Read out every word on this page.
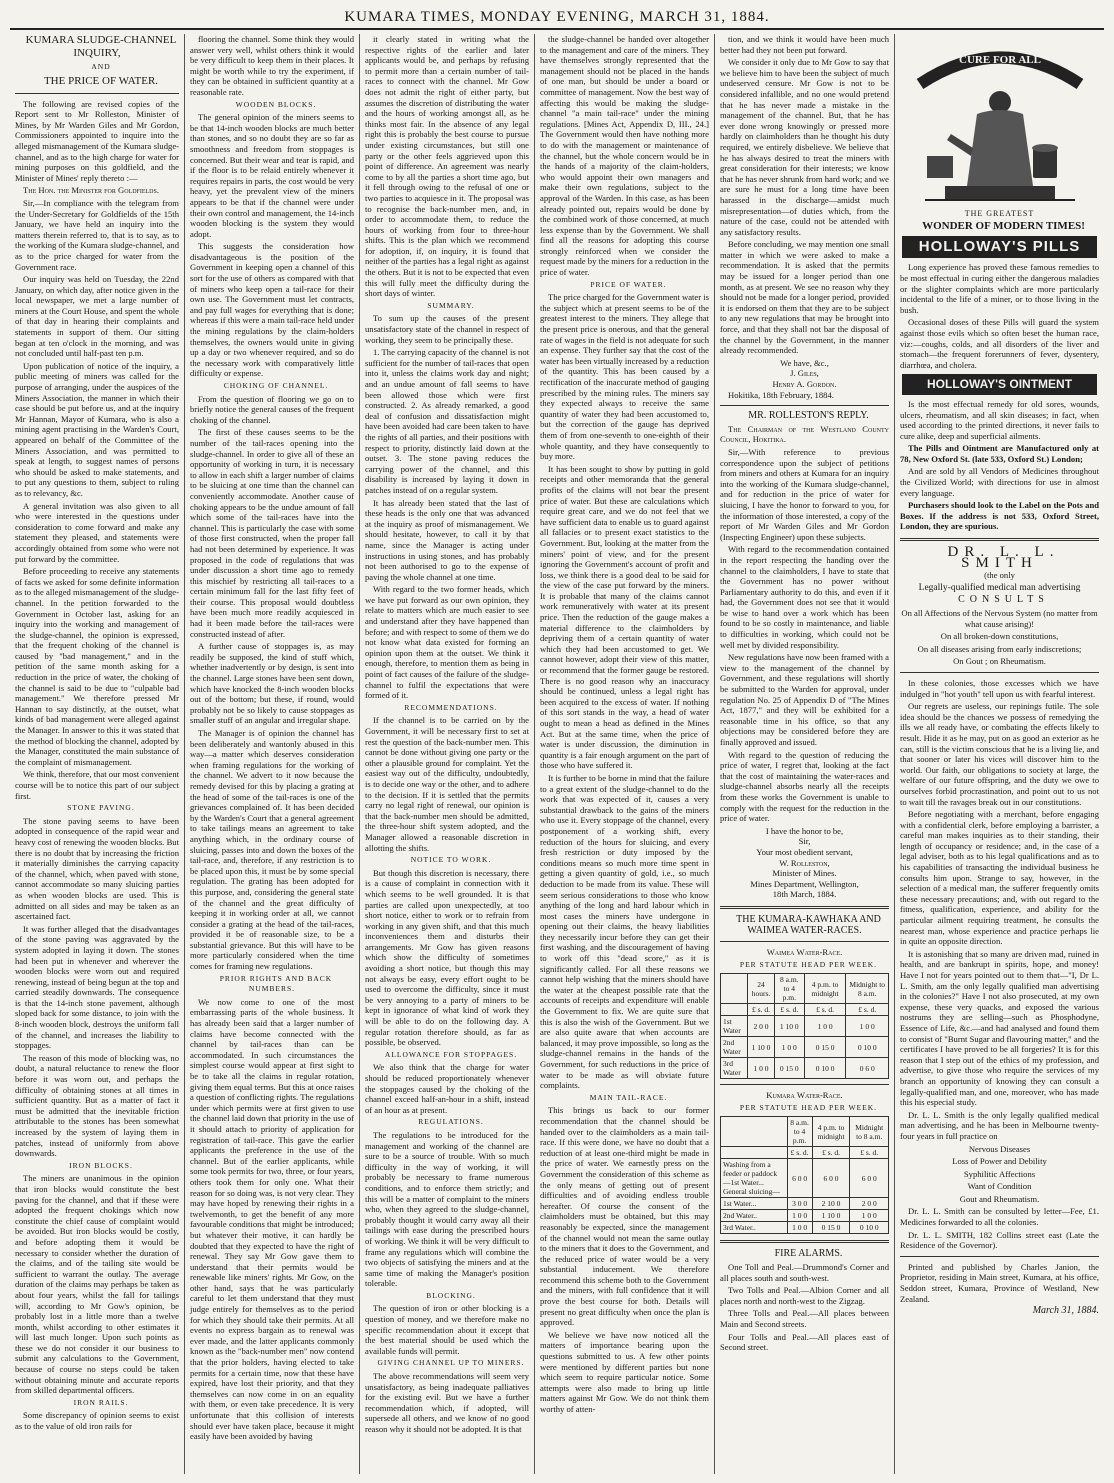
KUMARA TIMES, MONDAY EVENING, MARCH 31, 1884.

KUMARA SLUDGE-CHANNEL INQUIRY,

AND

THE PRICE OF WATER.

The following are revised copies of the Report sent to Mr Rolleston, Minister of Mines, by Mr Warden Giles and Mr Gordon, Commissioners appointed to inquire into the alleged mismanagement of the Kumara sludge-channel, and as to the high charge for water for mining purposes on this goldfield, and the Minister of Mines' reply thereto :—

The Hon. the Minister for Goldfields.

Sir,—In compliance with the telegram from the Under-Secretary for Goldfields of the 15th January, we have held an inquiry into the matters therein referred to, that is to say, as to the working of the Kumara sludge-channel, and as to the price charged for water from the Government race.

Our inquiry was held on Tuesday, the 22nd January, on which day, after notice given in the local newspaper, we met a large number of miners at the Court House, and spent the whole of that day in hearing their complaints and statements in support of them. Our sitting began at ten o'clock in the morning, and was not concluded until half-past ten p.m.

Upon publication of notice of the inquiry, a public meeting of miners was called for the purpose of arranging, under the auspices of the Miners Association, the manner in which their case should be put before us, and at the inquiry Mr Hannan, Mayor of Kumara, who is also a mining agent practising in the Warden's Court, appeared on behalf of the Committee of the Miners Association, and was permitted to speak at length, to suggest names of persons who should be asked to make statements, and to put any questions to them, subject to ruling as to relevancy, &c.

A general invitation was also given to all who were interested in the questions under consideration to come forward and make any statement they pleased, and statements were accordingly obtained from some who were not put forward by the committee.

Before proceeding to receive any statements of facts we asked for some definite information as to the alleged mismanagement of the sludge-channel. In the petition forwarded to the Government in October last, asking for an inquiry into the working and management of the sludge-channel, the opinion is expressed, that the frequent choking of the channel is caused by "bad management," and in the petition of the same month asking for a reduction in the price of water, the choking of the channel is said to be due to "culpable bad management." We therefore pressed Mr Hannan to say distinctly, at the outset, what kinds of bad management were alleged against the Manager. In answer to this it was stated that the method of blocking the channel, adopted by the Manager, constituted the main substance of the complaint of mismanagement.

We think, therefore, that our most convenient course will be to notice this part of our subject first.

STONE PAVING.

The stone paving seems to have been adopted in consequence of the rapid wear and heavy cost of renewing the wooden blocks. But there is no doubt that by increasing the friction it materially diminishes the carrying capacity of the channel, which, when paved with stone, cannot accommodate so many sluicing parties as when wooden blocks are used. This is admitted on all sides and may be taken as an ascertained fact.

It was further alleged that the disadvantages of the stone paving was aggravated by the system adopted in laying it down. The stones had been put in whenever and wherever the wooden blocks were worn out and required renewing, instead of being begun at the top and carried steadily downwards. The consequence is that the 14-inch stone pavement, although sloped back for some distance, to join with the 8-inch wooden block, destroys the uniform fall of the channel, and increases the liability to stoppages.

The reason of this mode of blocking was, no doubt, a natural reluctance to renew the floor before it was worn out, and perhaps the difficulty of obtaining stones at all times in sufficient quantity. But as a matter of fact it must be admitted that the inevitable friction attributable to the stones has been somewhat increased by the system of laying them in patches, instead of uniformly from above downwards.

IRON BLOCKS.

The miners are unanimous in the opinion that iron blocks would constitute the best paving for the channel, and that if these were adopted the frequent chokings which now constitute the chief cause of complaint would be avoided. But iron blocks would be costly, and before adopting them it would be necessary to consider whether the duration of the claims, and of the tailing site would be sufficient to warrant the outlay. The average duration of the claims may perhaps be taken as about four years, whilst the fall for tailings will, according to Mr Gow's opinion, be probably lost in a little more than a twelve month, whilst according to other estimates it will last much longer. Upon such points as these we do not consider it our business to submit any calculations to the Government, because of course no steps could be taken without obtaining minute and accurate reports from skilled departmental officers.

IRON RAILS.

Some discrepancy of opinion seems to exist as to the value of old iron rails for

flooring the channel. Some think they would answer very well, whilst others think it would be very difficult to keep them in their places. It might be worth while to try the experiment, if they can be obtained in sufficient quantity at a reasonable rate.

WOODEN BLOCKS.

The general opinion of the miners seems to be that 14-inch wooden blocks are much better than stones, and so no doubt they are so far as smoothness and freedom from stoppages is concerned. But their wear and tear is rapid, and if the floor is to be relaid entirely whenever it requires repairs in parts, the cost would be very heavy, yet the prevalent view of the miners appears to be that if the channel were under their own control and management, the 14-inch wooden blocking is the system they would adopt.

This suggests the consideration how disadvantageous is the position of the Government in keeping open a channel of this sort for the use of others as compared with that of miners who keep open a tail-race for their own use. The Government must let contracts, and pay full wages for everything that is done; whereas if this were a main tail-race held under the mining regulations by the claim-holders themselves, the owners would unite in giving up a day or two whenever required, and so do the necessary work with comparatively little difficulty or expense.

CHOKING OF CHANNEL.

From the question of flooring we go on to briefly notice the general causes of the frequent choking of the channel.

The first of these causes seems to be the number of the tail-races opening into the sludge-channel. In order to give all of these an opportunity of working in turn, it is necessary to allow in each shift a larger number of claims to be sluicing at one time than the channel can conveniently accommodate. Another cause of choking appears to be the undue amount of fall which some of the tail-races have into the channel. This is particularly the case with some of those first constructed, when the proper fall had not been determined by experience. It was proposed in the code of regulations that was under discussion a short time ago to remedy this mischief by restricting all tail-races to a certain minimum fall for the last fifty feet of their course. This proposal would doubtless have been much more readily acquiesced in had it been made before the tail-races were constructed instead of after.

A further cause of stoppages is, as may readily be supposed, the kind of stuff which, whether inadvertently or by design, is sent into the channel. Large stones have been sent down, which have knocked the 8-inch wooden blocks out of the bottom; but these, if round, would probably not be so likely to cause stoppages as smaller stuff of an angular and irregular shape.

The Manager is of opinion the channel has been deliberately and wantonly abused in this way—a matter which deserves consideration when framing regulations for the working of the channel. We advert to it now because the remedy devised for this by placing a grating at the head of some of the tail-races is one of the grievances complained of. It has been decided by the Warden's Court that a general agreement to take tailings means an agreement to take anything which, in the ordinary course of sluicing, passes into and down the boxes of the tail-race, and, therefore, if any restriction is to be placed upon this, it must be by some special regulation. The grating has been adopted for this purpose, and, considering the general state of the channel and the great difficulty of keeping it in working order at all, we cannot consider a grating at the head of the tail-races, provided it be of reasonable size, to be a substantial grievance. But this will have to be more particularly considered when the time comes for framing new regulations.

PRIOR RIGHTS AND BACK NUMBERS.

We now come to one of the most embarrassing parts of the whole business. It has already been said that a larger number of claims have become connected with the channel by tail-races than can be accommodated. In such circumstances the simplest course would appear at first sight to be to take all the claims in regular rotation, giving them equal terms. But this at once raises a question of conflicting rights. The regulations under which permits were at first given to use the channel laid down that priority in the use of it should attach to priority of application for registration of tail-race. This gave the earlier applicants the preference in the use of the channel. But of the earlier applicants, while some took permits for two, three, or four years, others took them for only one. What their reason for so doing was, is not very clear. They may have hoped by renewing their rights in a twelvemonth, to get the benefit of any more favourable conditions that might be introduced; but whatever their motive, it can hardly be doubted that they expected to have the right of renewal. They say Mr Gow gave them to understand that their permits would be renewable like miners' rights. Mr Gow, on the other hand, says that he was particularly careful to let them understand that they must judge entirely for themselves as to the period for which they should take their permits. At all events no express bargain as to renewal was ever made, and the latter applicants commonly known as the "back-number men" now contend that the prior holders, having elected to take permits for a certain time, now that these have expired, have lost their priority, and that they themselves can now come in on an equality with them, or even take precedence. It is very unfortunate that this collision of interests should ever have taken place, because it might easily have been avoided by having

it clearly stated in writing what the respective rights of the earlier and later applicants would be, and perhaps by refusing to permit more than a certain number of tail-races to connect with the channel. Mr Gow does not admit the right of either party, but assumes the discretion of distributing the water and the hours of working amongst all, as he thinks most fair. In the absence of any legal right this is probably the best course to pursue under existing circumstances, but still one party or the other feels aggrieved upon this point of difference. An agreement was nearly come to by all the parties a short time ago, but it fell through owing to the refusal of one or two parties to acquiesce in it. The proposal was to recognise the back-number men, and, in order to accommodate them, to reduce the hours of working from four to three-hour shifts. This is the plan which we recommend for adoption, if, on inquiry, it is found that neither of the parties has a legal right as against the others. But it is not to be expected that even this will fully meet the difficulty during the short days of winter.

SUMMARY.

To sum up the causes of the present unsatisfactory state of the channel in respect of working, they seem to be principally these.

1. The carrying capacity of the channel is not sufficient for the number of tail-races that open into it, unless the claims work day and night; and an undue amount of fall seems to have been allowed those which were first constructed. 2. As already remarked, a good deal of confusion and dissatisfaction might have been avoided had care been taken to have the rights of all parties, and their positions with respect to priority, distinctly laid down at the outset. 3. The stone paving reduces the carrying power of the channel, and this disability is increased by laying it down in patches instead of on a regular system.

It has already been stated that the last of these heads is the only one that was advanced at the inquiry as proof of mismanagement. We should hesitate, however, to call it by that name, since the Manager is acting under instructions in using stones, and has probably not been authorised to go to the expense of paving the whole channel at one time.

With regard to the two former heads, which we have put forward as our own opinion, they relate to matters which are much easier to see and understand after they have happened than before; and with respect to some of them we do not know what data existed for forming an opinion upon them at the outset. We think it enough, therefore, to mention them as being in point of fact causes of the failure of the sludge-channel to fulfil the expectations that were formed of it.

RECOMMENDATIONS.

If the channel is to be carried on by the Government, it will be necessary first to set at rest the question of the back-number men. This cannot be done without giving one party or the other a plausible ground for complaint. Yet the easiest way out of the difficulty, undoubtedly, is to decide one way or the other, and to adhere to the decision. If it is settled that the permits carry no legal right of renewal, our opinion is that the back-number men should be admitted, the three-hour shift system adopted, and the Manager allowed a reasonable discretion in allotting the shifts.

NOTICE TO WORK.

But though this discretion is necessary, there is a cause of complaint in connection with it which seems to be well grounded. It is that parties are called upon unexpectedly, at too short notice, either to work or to refrain from working in any given shift, and that this much inconveniences them and disturbs their arrangements. Mr Gow has given reasons which show the difficulty of sometimes avoiding a short notice, but though this may not always be easy, every effort ought to be used to overcome the difficulty, since it must be very annoying to a party of miners to be kept in ignorance of what kind of work they will be able to do on the following day. A regular rotation therefore should, as far as possible, be observed.

ALLOWANCE FOR STOPPAGES.

We also think that the charge for water should be reduced proportionately whenever the stoppages caused by the choking of the channel exceed half-an-hour in a shift, instead of an hour as at present.

REGULATIONS.

The regulations to be introduced for the management and working of the channel are sure to be a source of trouble. With so much difficulty in the way of working, it will probably be necessary to frame numerous conditions, and to enforce them strictly; and this will be a matter of complaint to the miners who, when they agreed to the sludge-channel, probably thought it would carry away all their tailings with ease during the prescribed hours of working. We think it will be very difficult to frame any regulations which will combine the two objects of satisfying the miners and at the same time of making the Manager's position tolerable.

BLOCKING.

The question of iron or other blocking is a question of money, and we therefore make no specific recommendation about it except that the best material should be used which the available funds will permit.

GIVING CHANNEL UP TO MINERS.

The above recommendations will seem very unsatisfactory, as being inadequate palliatives for the existing evil. But we have a further recommendation which, if adopted, will supersede all others, and we know of no good reason why it should not be adopted. It is that

the sludge-channel be handed over altogether to the management and care of the miners. They have themselves strongly represented that the management should not be placed in the hands of one man, but should be under a board or committee of management. Now the best way of affecting this would be making the sludge-channel "a main tail-race" under the mining regulations. [Mines Act, Appendix D, III., 24.] The Government would then have nothing more to do with the management or maintenance of the channel, but the whole concern would be in the hands of a majority of the claim-holders, who would appoint their own managers and make their own regulations, subject to the approval of the Warden. In this case, as has been already pointed out, repairs would be done by the combined work of those concerned, at much less expense than by the Government. We shall find all the reasons for adopting this course strongly reinforced when we consider the request made by the miners for a reduction in the price of water.

PRICE OF WATER.

The price charged for the Government water is the subject which at present seems to be of the greatest interest to the miners. They allege that the present price is onerous, and that the general rate of wages in the field is not adequate for such an expense. They further say that the cost of the water has been virtually increased by a reduction of the quantity. This has been caused by a rectification of the inaccurate method of gauging prescribed by the mining rules. The miners say they expected always to receive the same quantity of water they had been accustomed to, but the correction of the gauge has deprived them of from one-seventh to one-eighth of their whole quantity, and they have consequently to buy more.

It has been sought to show by putting in gold receipts and other memoranda that the general profits of the claims will not bear the present price of water. But these are calculations which require great care, and we do not feel that we have sufficient data to enable us to guard against all fallacies or to present exact statistics to the Government. But, looking at the matter from the miners' point of view, and for the present ignoring the Government's account of profit and loss, we think there is a good deal to be said for the view of the case put forward by the miners. It is probable that many of the claims cannot work remuneratively with water at its present price. Then the reduction of the gauge makes a material difference to the claimholders by depriving them of a certain quantity of water which they had been accustomed to get. We cannot however, adopt their view of this matter, or recommend that the former gauge be restored. There is no good reason why an inaccuracy should be continued, unless a legal right has been acquired to the excess of water. If nothing of this sort stands in the way, a head of water ought to mean a head as defined in the Mines Act. But at the same time, when the price of water is under discussion, the diminution in quantity is a fair enough argument on the part of those who have suffered it.

It is further to be borne in mind that the failure to a great extent of the sludge-channel to do the work that was expected of it, causes a very substantial drawback to the gains of the miners who use it. Every stoppage of the channel, every postponement of a working shift, every reduction of the hours for sluicing, and every fresh restriction or duty imposed by the conditions means so much more time spent in getting a given quantity of gold, i.e., so much deduction to be made from its value. These will seem serious considerations to those who know anything of the long and hard labour which in most cases the miners have undergone in opening out their claims, the heavy liabilities they necessarily incur before they can get their first washing, and the discouragement of having to work off this "dead score," as it is significantly called. For all these reasons we cannot help wishing that the miners should have the water at the cheapest possible rate that the accounts of receipts and expenditure will enable the Government to fix. We are quite sure that this is also the wish of the Government. But we are also quite aware that when accounts are balanced, it may prove impossible, so long as the sludge-channel remains in the hands of the Government, for such reductions in the price of water to be made as will obviate future complaints.

MAIN TAIL-RACE.

This brings us back to our former recommendation that the channel should be handed over to the claimholders as a main tail-race. If this were done, we have no doubt that a reduction of at least one-third might be made in the price of water. We earnestly press on the Government the consideration of this scheme as the only means of getting out of present difficulties and of avoiding endless trouble hereafter. Of course the consent of the claimholders must be obtained, but this may reasonably be expected, since the management of the channel would not mean the same outlay to the miners that it does to the Government, and the reduced price of water would be a very substantial inducement. We therefore recommend this scheme both to the Government and the miners, with full confidence that it will prove the best course for both. Details will present no great difficulty when once the plan is approved.

We believe we have now noticed all the matters of importance bearing upon the questions submitted to us. A few other points were mentioned by different parties but none which seem to require particular notice. Some attempts were also made to bring up little matters against Mr Gow. We do not think them worthy of atten-

tion, and we think it would have been much better had they not been put forward.

We consider it only due to Mr Gow to say that we believe him to have been the subject of much undeserved censure. Mr Gow is not to be considered infallible, and no one would pretend that he has never made a mistake in the management of the channel. But, that he has ever done wrong knowingly or pressed more hardly on claimholders than he thought his duty required, we entirely disbelieve. We believe that he has always desired to treat the miners with great consideration for their interests; we know that he has never shrunk from hard work; and we are sure he must for a long time have been harassed in the discharge—amidst much misrepresentation—of duties which, from the nature of the case, could not be attended with any satisfactory results.

Before concluding, we may mention one small matter in which we were asked to make a recommendation. It is asked that the permits may be issued for a longer period than one month, as at present. We see no reason why they should not be made for a longer period, provided it is endorsed on them that they are to be subject to any new regulations that may be brought into force, and that they shall not bar the disposal of the channel by the Government, in the manner already recommended.

We have, &c.,

J. Giles,

Henry A. Gordon.

Hokitika, 18th February, 1884.

MR. ROLLESTON'S REPLY.

The Chairman of the Westland County Council, Hokitika.

Sir,—With reference to previous correspondence upon the subject of petitions from miners and others at Kumara for an inquiry into the working of the Kumara sludge-channel, and for reduction in the price of water for sluicing, I have the honor to forward to you, for the information of those interested, a copy of the report of Mr Warden Giles and Mr Gordon (Inspecting Engineer) upon these subjects.

With regard to the recommendation contained in the report respecting the handing over the channel to the claimholders, I have to state that the Government has no power without Parliamentary authority to do this, and even if it had, the Government does not see that it would be wise to hand over a work which has been found to be so costly in maintenance, and liable to difficulties in working, which could not be well met by divided responsibility.

New regulations have now been framed with a view to the management of the channel by Government, and these regulations will shortly be submitted to the Warden for approval, under regulation No. 25 of Appendix D of "The Mines Act, 1877," and they will be exhibited for a reasonable time in his office, so that any objections may be considered before they are finally approved and issued.

With regard to the question of reducing the price of water, I regret that, looking at the fact that the cost of maintaining the water-races and sludge-channel absorbs nearly all the receipts from these works the Government is unable to comply with the request for the reduction in the price of water.

I have the honor to be,

Sir,

Your most obedient servant,

W. Rolleston,

Minister of Mines.

Mines Department, Wellington,

18th March, 1884.

THE KUMARA-KAWHAKA AND WAIMEA WATER-RACES.

Waimea Water-Race.

PER STATUTE HEAD PER WEEK.

	24 hours.	8 a.m. to 4 p.m.	4 p.m. to midnight	Midnight to 8 a.m.
	£ s. d.	£ s. d.	£ s. d.	£ s. d.
1st Water	2 0 0	1 10 0	1 0 0	1 0 0
2nd Water	1 10 0	1 0 0	0 15 0	0 10 0
3rd Water	1 0 0	0 15 0	0 10 0	0 6 0

Kumara Water-Race.

PER STATUTE HEAD PER WEEK.

	8 a.m. to 4 p.m.	4 p.m. to midnight	Midnight to 8 a.m.
	£ s. d.	£ s. d.	£ s. d.
Washing from a feeder or paddock—1st Water... General sluicing—	6 0 0	6 0 0	6 0 0
1st Water...	3 0 0	2 10 0	2 0 0
2nd Water..	1 0 0	1 10 0	1 0 0
3rd Water..	1 0 0	0 15 0	0 10 0

FIRE ALARMS.

One Toll and Peal.—Drummond's Corner and all places south and south-west.

Two Tolls and Peal.—Albion Corner and all places north and north-west to the Zigzag.

Three Tolls and Peal.—All places between Main and Second streets.

Four Tolls and Peal.—All places east of Second street.

CURE FOR ALL

THE GREATEST

WONDER OF MODERN TIMES!

HOLLOWAY'S PILLS

Long experience has proved these famous remedies to be most effectual in curing either the dangerous maladies or the slighter complaints which are more particularly incidental to the life of a miner, or to those living in the bush.

Occasional doses of these Pills will guard the system against those evils which so often beset the human race, viz:—coughs, colds, and all disorders of the liver and stomach—the frequent forerunners of fever, dysentery, diarrhœa, and cholera.

HOLLOWAY'S OINTMENT

Is the most effectual remedy for old sores, wounds, ulcers, rheumatism, and all skin diseases; in fact, when used according to the printed directions, it never fails to cure alike, deep and superficial ailments.

The Pills and Ointment are Manufactured only at 78, New Oxford St. (late 533, Oxford St.) London;

And are sold by all Vendors of Medicines throughout the Civilized World; with directions for use in almost every language.

Purchasers should look to the Label on the Pots and Boxes. If the address is not 533, Oxford Street, London, they are spurious.

DR. L. L. SMITH

(the only

Legally-qualified medical man advertising

CONSULTS

On all Affections of the Nervous System (no matter from what cause arising)!

On all broken-down constitutions,

On all diseases arising from early indiscretions;

On Gout ; on Rheumatism.

In these colonies, those excesses which we have indulged in "hot youth" tell upon us with fearful interest.

Our regrets are useless, our repinings futile. The sole idea should be the chances we possess of remedying the ills we all ready have, or combating the effects likely to result. Hide it as he may, put on as good an exterior as he can, still is the victim conscious that he is a living lie, and that sooner or later his vices will discover him to the world. Our faith, our obligations to society at large, the welfare of our future offspring, and the duty we owe to ourselves forbid procrastination, and point out to us not to wait till the ravages break out in our constitutions.

Before negotiating with a merchant, before engaging with a confidential clerk, before employing a barrister, a careful man makes inquiries as to their standing, their length of occupancy or residence; and, in the case of a legal adviser, both as to his legal qualifications and as to his capabilities of transacting the individual business he consults him upon. Strange to say, however, in the selection of a medical man, the sufferer frequently omits these necessary precautions; and, with out regard to the fitness, qualification, experience, and ability for the particular ailment requiring treatment, he consults the nearest man, whose experience and practice perhaps lie in quite an opposite direction.

It is astonishing that so many are driven mad, ruined in health, and are bankrupt in spirits, hope, and money! Have I not for years pointed out to them that—"I, Dr L. L. Smith, am the only legally qualified man advertising in the colonies?" Have I not also prosecuted, at my own expense, these very quacks, and exposed the various nostrums they are selling—such as Phosphodyne, Essence of Life, &c.—and had analysed and found them to consist of "Burnt Sugar and flavouring matter," and the certificates I have proved to be all forgeries? It is for this reason that I step out of the ethics of my profession, and advertise, to give those who require the services of my branch an opportunity of knowing they can consult a legally-qualified man, and one, moreover, who has made this his especial study.

Dr. L. L. Smith is the only legally qualified medical man advertising, and he has been in Melbourne twenty-four years in full practice on

Nervous Diseases

Loss of Power and Debility

Syphilitic Affections

Want of Condition

Gout and Rheumatism.

Dr. L. L. Smith can be consulted by letter—Fee, £1. Medicines forwarded to all the colonies.

Dr. L. L. SMITH, 182 Collins street east (Late the Residence of the Governor).

Printed and published by Charles Janion, the Proprietor, residing in Main street, Kumara, at his office, Seddon street, Kumara, Province of Westland, New Zealand.

March 31, 1884.
